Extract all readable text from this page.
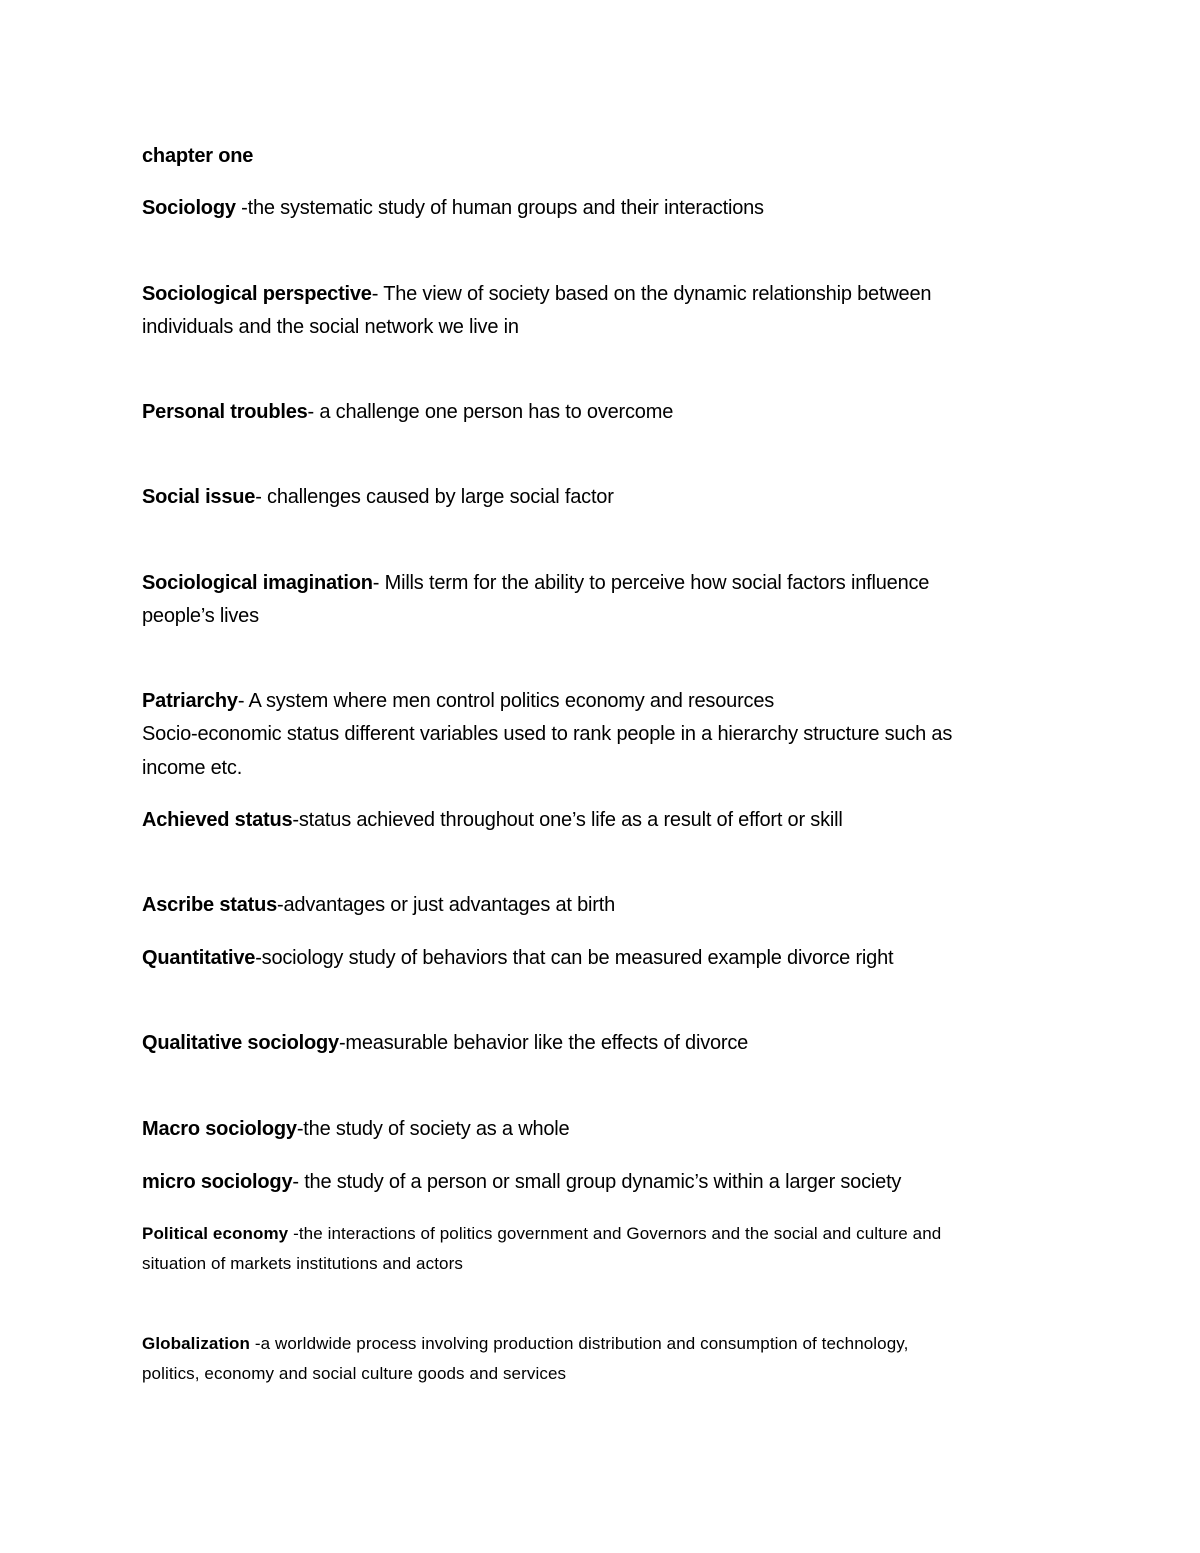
chapter one

Sociology -the systematic study of human groups and their interactions

Sociological perspective- The view of society based on the dynamic relationship between

individuals and the social network we live in

Personal troubles- a challenge one person has to overcome

Social issue- challenges caused by large social factor

Sociological imagination- Mills term for the ability to perceive how social factors influence

people’s lives

Patriarchy- A system where men control politics economy and resources

Socio-economic status different variables used to rank people in a hierarchy structure such as

income etc.

Achieved status-status achieved throughout one’s life as a result of effort or skill

Ascribe status-advantages or just advantages at birth

Quantitative-sociology study of behaviors that can be measured example divorce right

Qualitative sociology-measurable behavior like the effects of divorce

Macro sociology-the study of society as a whole

micro sociology- the study of a person or small group dynamic’s within a larger society

Political economy -the interactions of politics government and Governors and the social and culture and

situation of markets institutions and actors

Globalization -a worldwide process involving production distribution and consumption of technology,

politics, economy and social culture goods and services
